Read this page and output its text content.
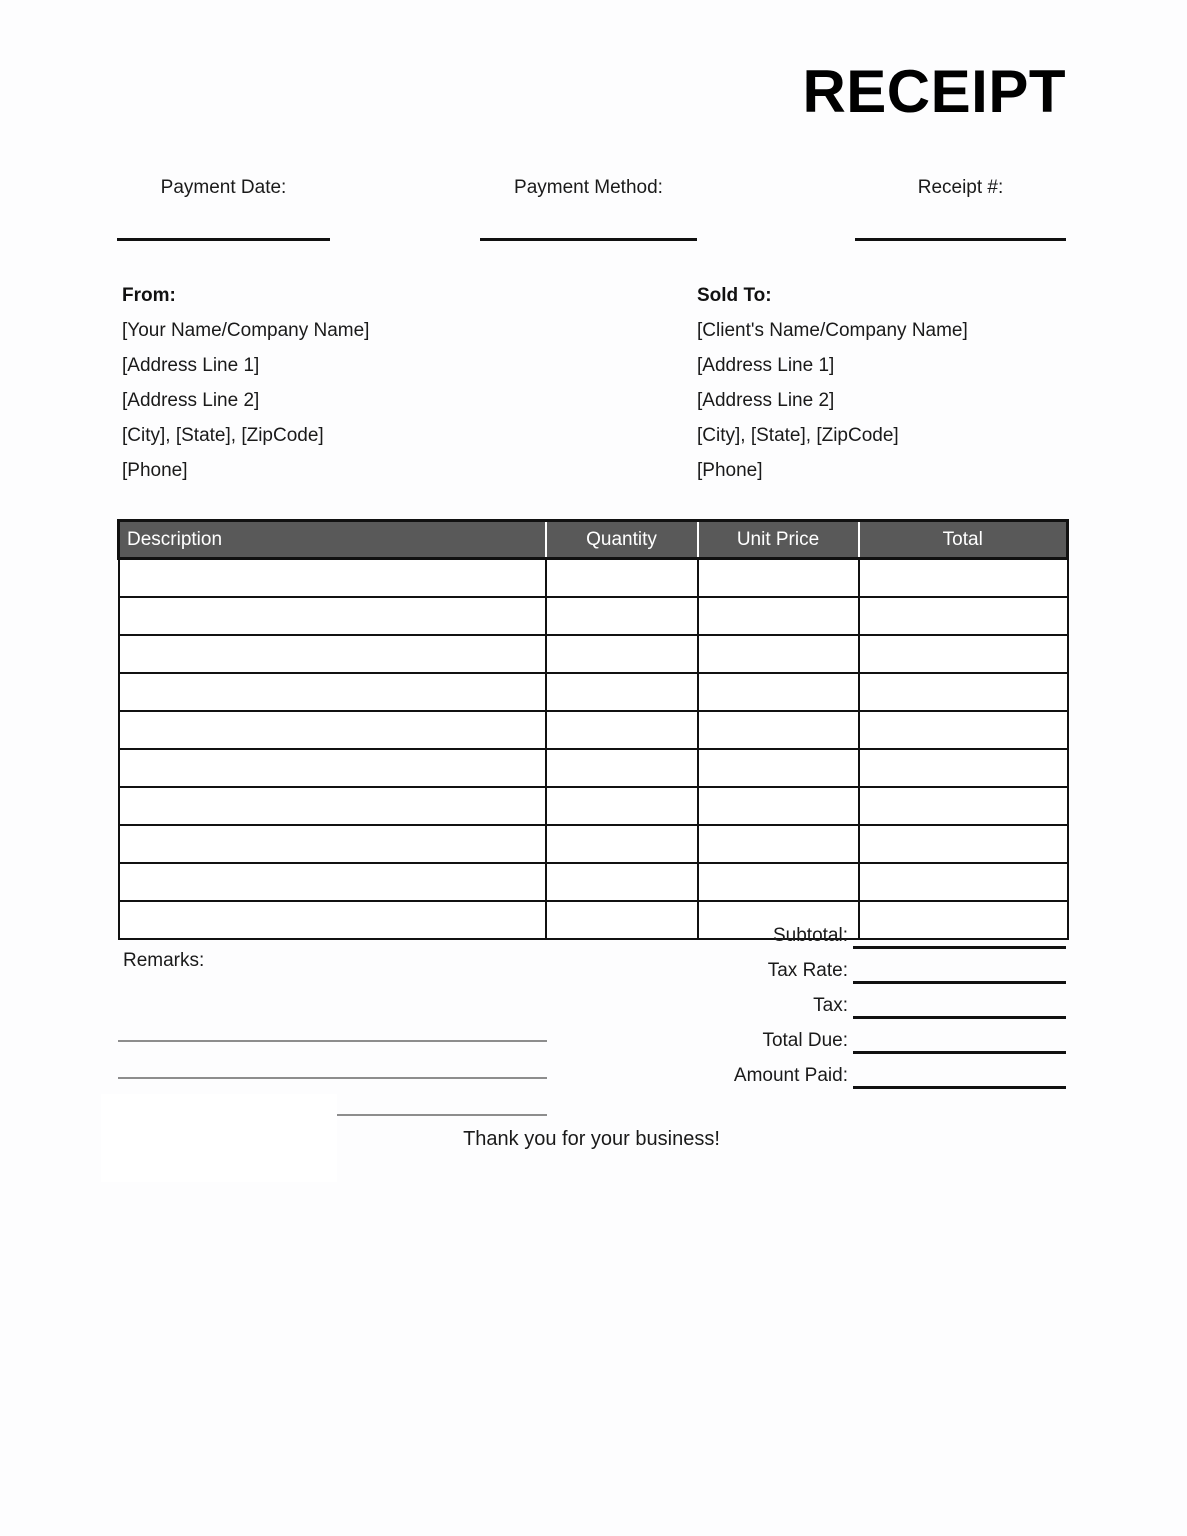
RECEIPT
Payment Date:	Payment Method:	Receipt #:
From:
[Your Name/Company Name]
[Address Line 1]
[Address Line 2]
[City], [State], [ZipCode]
[Phone]
Sold To:
[Client's Name/Company Name]
[Address Line 1]
[Address Line 2]
[City], [State], [ZipCode]
[Phone]
Description	Quantity	Unit Price	Total

Remarks:
Subtotal:
Tax Rate:
Tax:
Total Due:
Amount Paid:
Thank you for your business!
